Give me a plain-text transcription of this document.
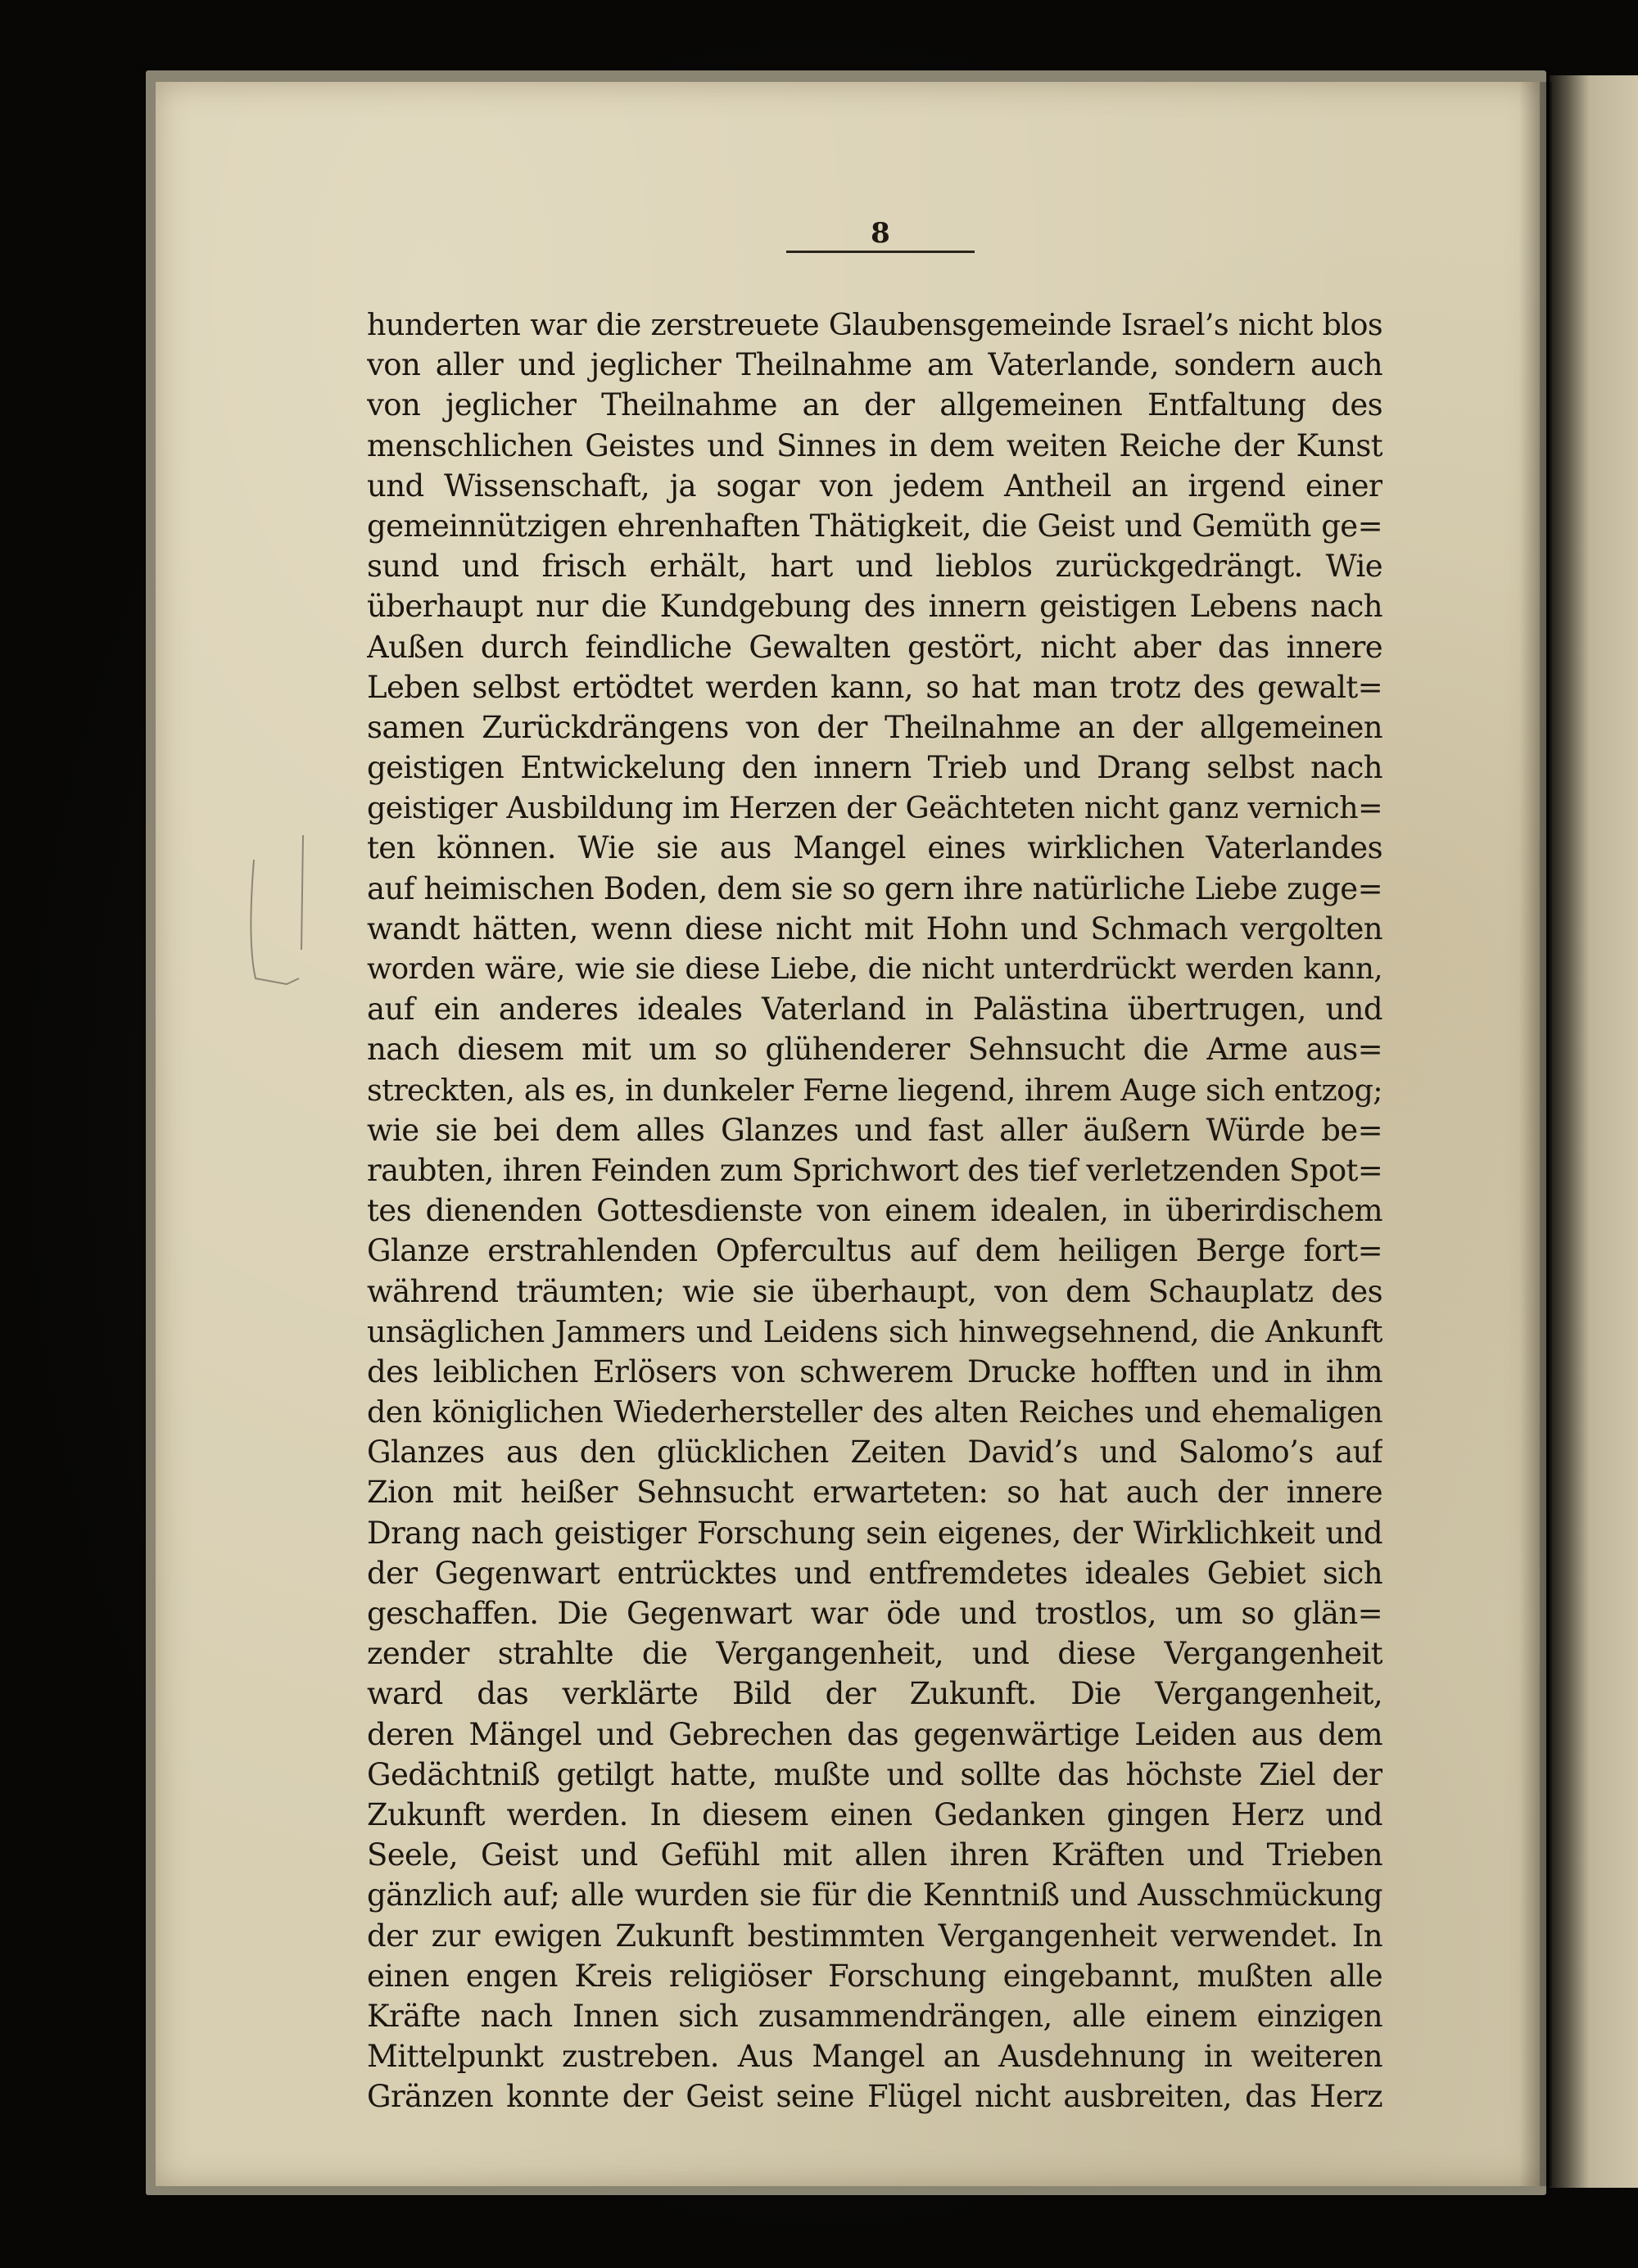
8
hunderten war die zerstreuete Glaubensgemeinde Israel’s nicht blos
von aller und jeglicher Theilnahme am Vaterlande, sondern auch
von jeglicher Theilnahme an der allgemeinen Entfaltung des
menschlichen Geistes und Sinnes in dem weiten Reiche der Kunst
und Wissenschaft, ja sogar von jedem Antheil an irgend einer
gemeinnützigen ehrenhaften Thätigkeit, die Geist und Gemüth ge=
sund und frisch erhält, hart und lieblos zurückgedrängt. Wie
überhaupt nur die Kundgebung des innern geistigen Lebens nach
Außen durch feindliche Gewalten gestört, nicht aber das innere
Leben selbst ertödtet werden kann, so hat man trotz des gewalt=
samen Zurückdrängens von der Theilnahme an der allgemeinen
geistigen Entwickelung den innern Trieb und Drang selbst nach
geistiger Ausbildung im Herzen der Geächteten nicht ganz vernich=
ten können. Wie sie aus Mangel eines wirklichen Vaterlandes
auf heimischen Boden, dem sie so gern ihre natürliche Liebe zuge=
wandt hätten, wenn diese nicht mit Hohn und Schmach vergolten
worden wäre, wie sie diese Liebe, die nicht unterdrückt werden kann,
auf ein anderes ideales Vaterland in Palästina übertrugen, und
nach diesem mit um so glühenderer Sehnsucht die Arme aus=
streckten, als es, in dunkeler Ferne liegend, ihrem Auge sich entzog;
wie sie bei dem alles Glanzes und fast aller äußern Würde be=
raubten, ihren Feinden zum Sprichwort des tief verletzenden Spot=
tes dienenden Gottesdienste von einem idealen, in überirdischem
Glanze erstrahlenden Opfercultus auf dem heiligen Berge fort=
während träumten; wie sie überhaupt, von dem Schauplatz des
unsäglichen Jammers und Leidens sich hinwegsehnend, die Ankunft
des leiblichen Erlösers von schwerem Drucke hofften und in ihm
den königlichen Wiederhersteller des alten Reiches und ehemaligen
Glanzes aus den glücklichen Zeiten David’s und Salomo’s auf
Zion mit heißer Sehnsucht erwarteten: so hat auch der innere
Drang nach geistiger Forschung sein eigenes, der Wirklichkeit und
der Gegenwart entrücktes und entfremdetes ideales Gebiet sich
geschaffen. Die Gegenwart war öde und trostlos, um so glän=
zender strahlte die Vergangenheit, und diese Vergangenheit
ward das verklärte Bild der Zukunft. Die Vergangenheit,
deren Mängel und Gebrechen das gegenwärtige Leiden aus dem
Gedächtniß getilgt hatte, mußte und sollte das höchste Ziel der
Zukunft werden. In diesem einen Gedanken gingen Herz und
Seele, Geist und Gefühl mit allen ihren Kräften und Trieben
gänzlich auf; alle wurden sie für die Kenntniß und Ausschmückung
der zur ewigen Zukunft bestimmten Vergangenheit verwendet. In
einen engen Kreis religiöser Forschung eingebannt, mußten alle
Kräfte nach Innen sich zusammendrängen, alle einem einzigen
Mittelpunkt zustreben. Aus Mangel an Ausdehnung in weiteren
Gränzen konnte der Geist seine Flügel nicht ausbreiten, das Herz
